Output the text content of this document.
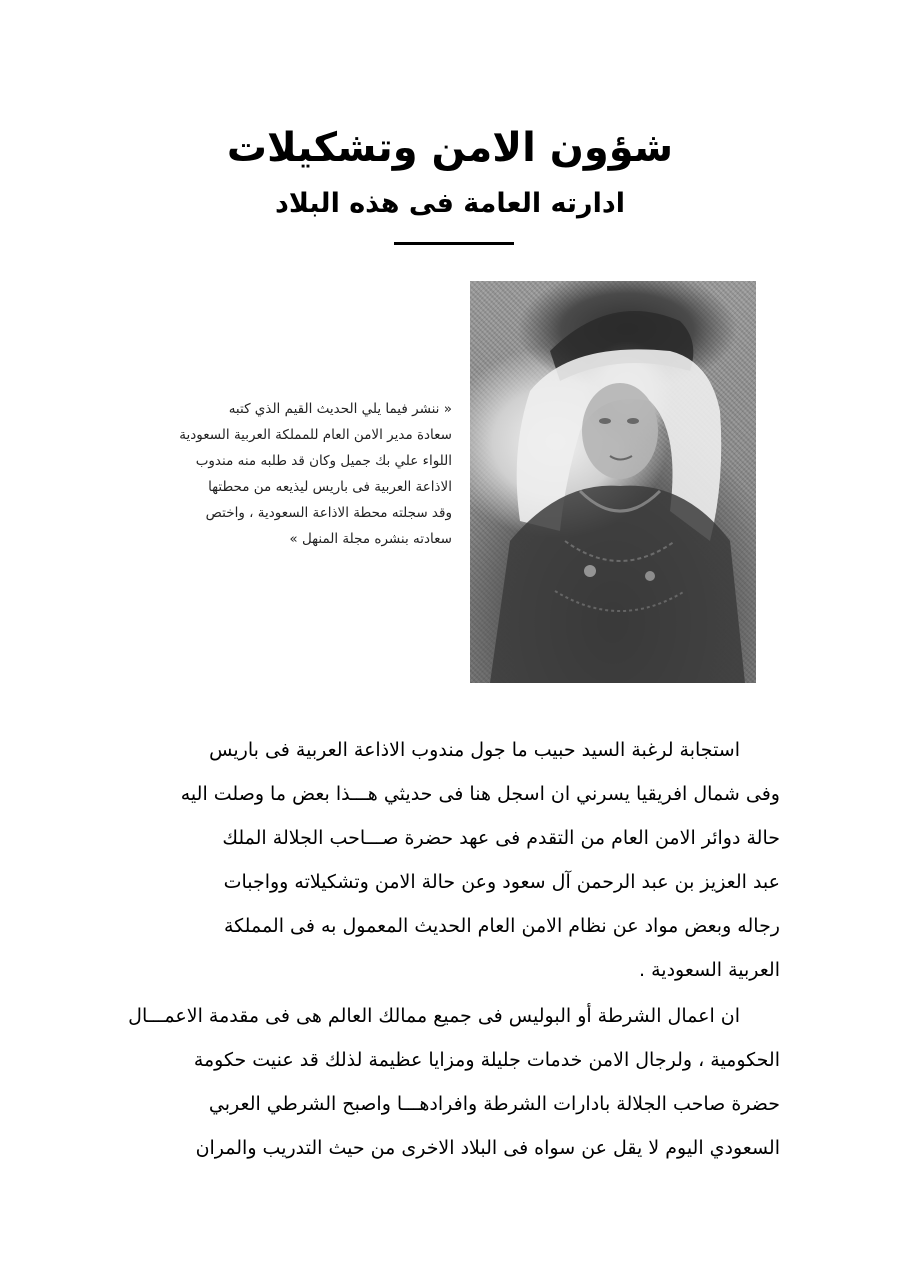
شؤون الامن وتشكيلات
ادارته العامة فى هذه البلاد

« ننشر فيما يلي الحديث القيم الذي كتبه

سعادة مدير الامن العام للمملكة العربية السعودية

اللواء علي بك جميل وكان قد طلبه منه مندوب

الاذاعة العربية فى باريس ليذيعه من محطتها

وقد سجلته محطة الاذاعة السعودية ، واختص

سعادته بنشره مجلة المنهل »

استجابة لرغبة السيد حبيب ما جول مندوب الاذاعة العربية فى باريس
وفى شمال افريقيا يسرني ان اسجل هنا فى حديثي هـــذا بعض ما وصلت اليه
حالة دوائر الامن العام من التقدم فى عهد حضرة صـــاحب الجلالة الملك
عبد العزيز بن عبد الرحمن آل سعود وعن حالة الامن وتشكيلاته وواجبات
رجاله وبعض مواد عن نظام الامن العام الحديث المعمول به فى المملكة
العربية السعودية .
ان اعمال الشرطة أو البوليس فى جميع ممالك العالم هى فى مقدمة الاعمـــال
الحكومية ، ولرجال الامن خدمات جليلة ومزايا عظيمة لذلك قد عنيت حكومة
حضرة صاحب الجلالة بادارات الشرطة وافرادهـــا واصبح الشرطي العربي
السعودي اليوم لا يقل عن سواه فى البلاد الاخرى من حيث التدريب والمران
